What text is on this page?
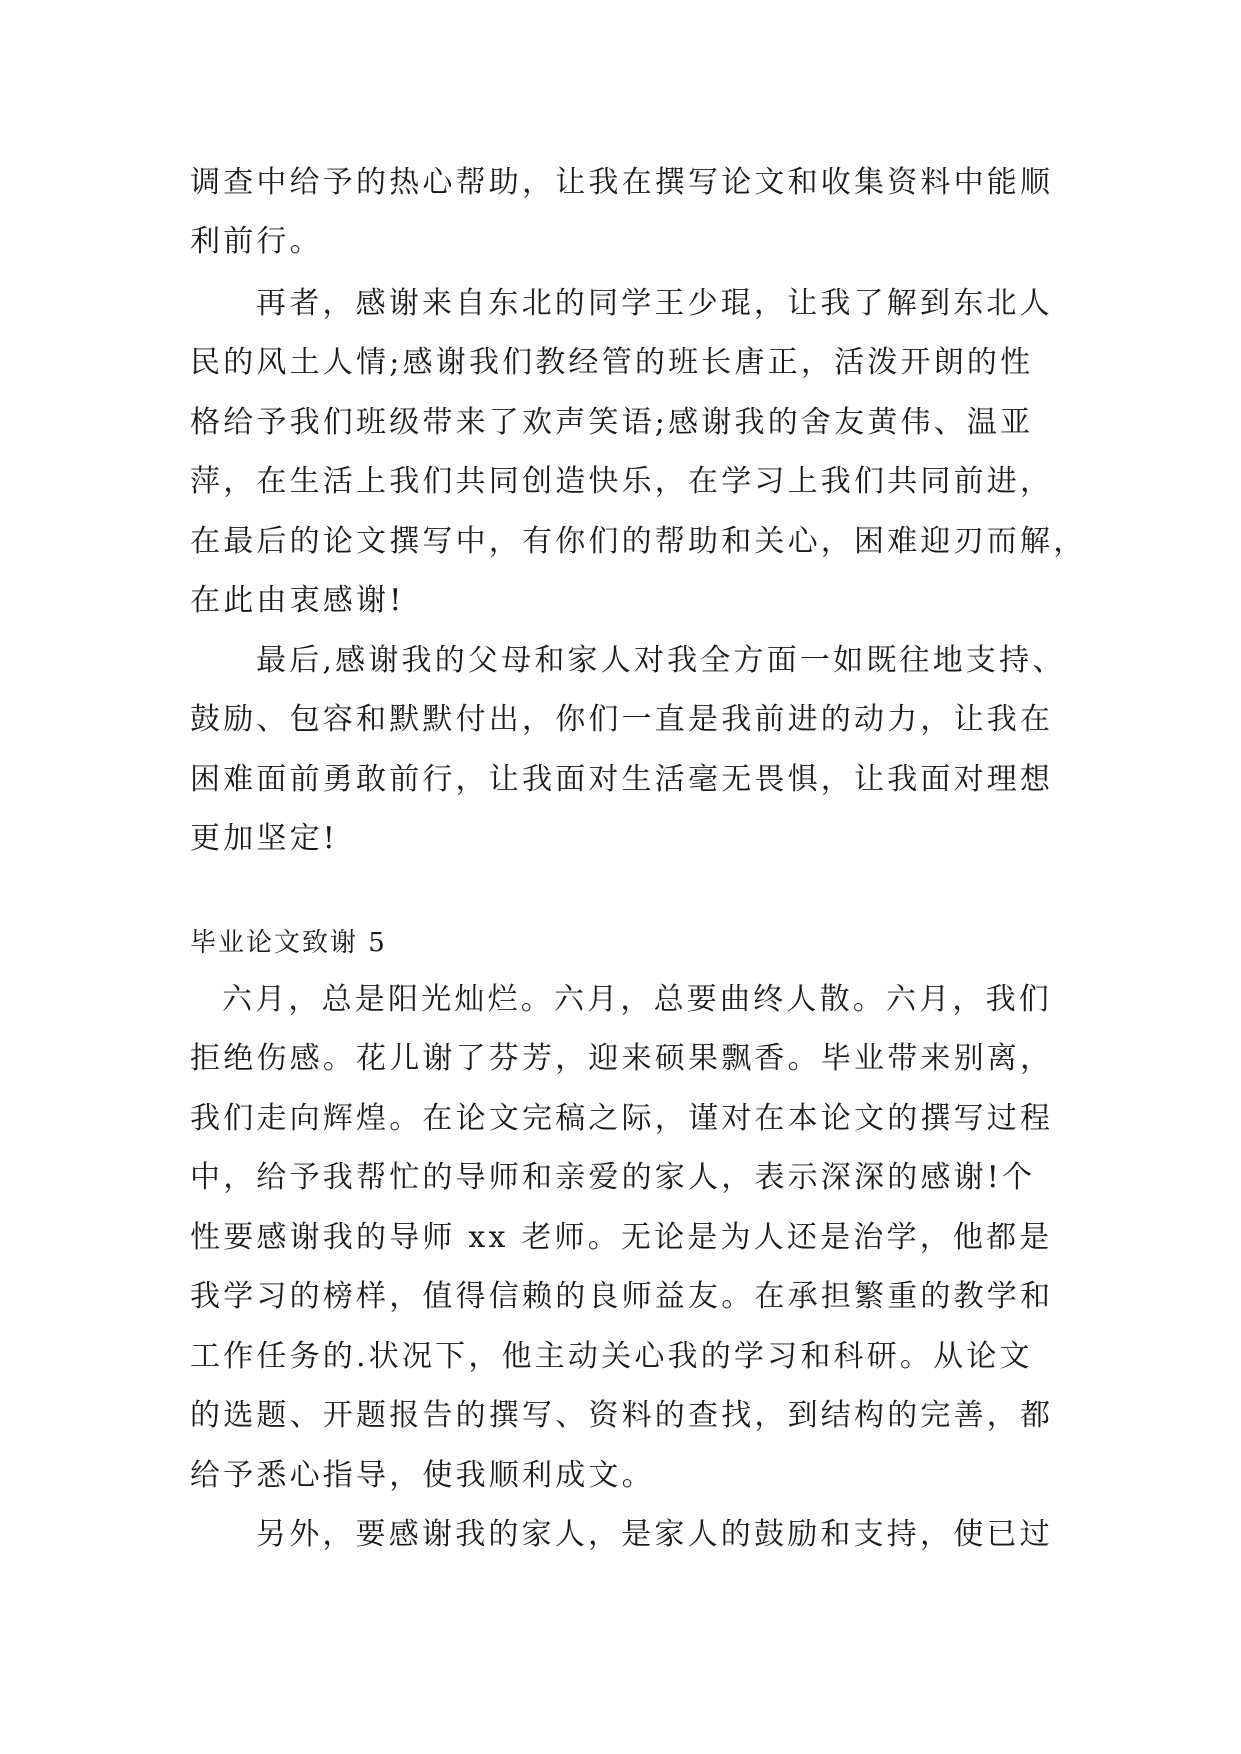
调查中给予的热心帮助，让我在撰写论文和收集资料中能顺
利前行。
再者，感谢来自东北的同学王少琨，让我了解到东北人
民的风土人情;感谢我们教经管的班长唐正，活泼开朗的性
格给予我们班级带来了欢声笑语;感谢我的舍友黄伟、温亚
萍，在生活上我们共同创造快乐，在学习上我们共同前进，
在最后的论文撰写中，有你们的帮助和关心，困难迎刃而解，
在此由衷感谢!
最后,感谢我的父母和家人对我全方面一如既往地支持、
鼓励、包容和默默付出，你们一直是我前进的动力，让我在
困难面前勇敢前行，让我面对生活毫无畏惧，让我面对理想
更加坚定!
毕业论文致谢 5
六月，总是阳光灿烂。六月，总要曲终人散。六月，我们
拒绝伤感。花儿谢了芬芳，迎来硕果飘香。毕业带来别离，
我们走向辉煌。在论文完稿之际，谨对在本论文的撰写过程
中，给予我帮忙的导师和亲爱的家人，表示深深的感谢!个
性要感谢我的导师 xx 老师。无论是为人还是治学，他都是
我学习的榜样，值得信赖的良师益友。在承担繁重的教学和
工作任务的.状况下，他主动关心我的学习和科研。从论文
的选题、开题报告的撰写、资料的查找，到结构的完善，都
给予悉心指导，使我顺利成文。
另外，要感谢我的家人，是家人的鼓励和支持，使已过
